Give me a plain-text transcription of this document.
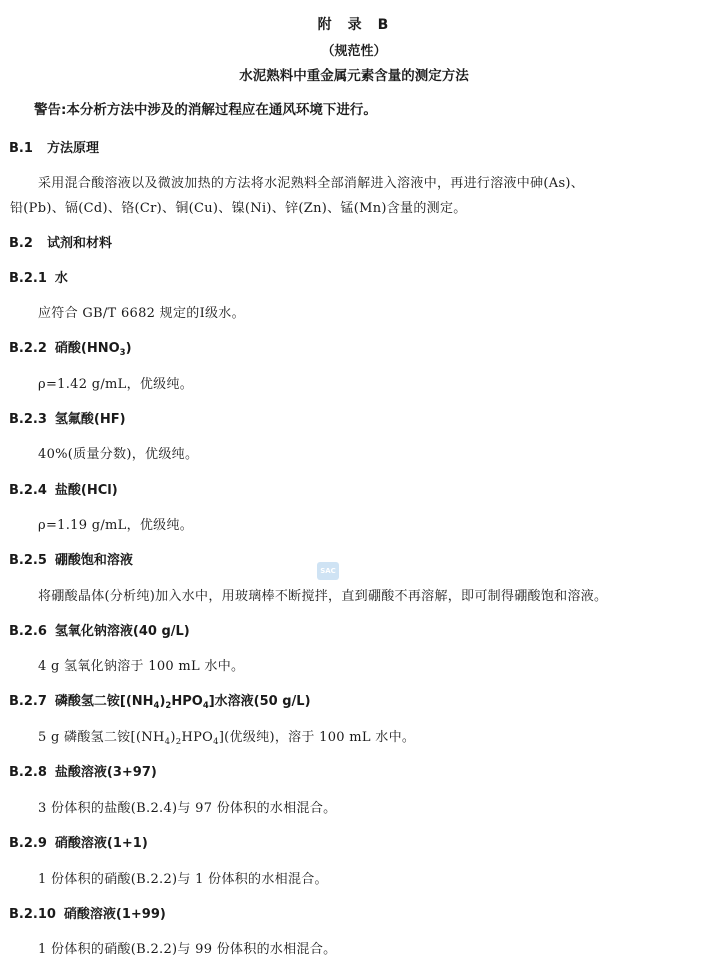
附 录 B
（规范性）
水泥熟料中重金属元素含量的测定方法
警告:本分析方法中涉及的消解过程应在通风环境下进行。
B.1 方法原理
采用混合酸溶液以及微波加热的方法将水泥熟料全部消解进入溶液中，再进行溶液中砷(As)、
铅(Pb)、镉(Cd)、铬(Cr)、铜(Cu)、镍(Ni)、锌(Zn)、锰(Mn)含量的测定。
B.2 试剂和材料
B.2.1 水
应符合 GB/T 6682 规定的Ⅰ级水。
B.2.2 硝酸$(HNO_3)$
ρ=1.42 g/mL，优级纯。
B.2.3 氢氟酸(HF)
40%(质量分数)，优级纯。
B.2.4 盐酸(HCl)
ρ=1.19 g/mL，优级纯。
B.2.5 硼酸饱和溶液
SAC
将硼酸晶体(分析纯)加入水中，用玻璃棒不断搅拌，直到硼酸不再溶解，即可制得硼酸饱和溶液。
B.2.6 氢氧化钠溶液(40 g/L)
4 g 氢氧化钠溶于 100 mL 水中。
B.2.7 磷酸氢二铵$[(NH_4)_2HPO_4]$水溶液(50 g/L)
5 g 磷酸氢二铵$[(NH_4)_2HPO_4]$(优级纯)，溶于 100 mL 水中。
B.2.8 盐酸溶液(3+97)
3 份体积的盐酸(B.2.4)与 97 份体积的水相混合。
B.2.9 硝酸溶液(1+1)
1 份体积的硝酸(B.2.2)与 1 份体积的水相混合。
B.2.10 硝酸溶液(1+99)
1 份体积的硝酸(B.2.2)与 99 份体积的水相混合。
